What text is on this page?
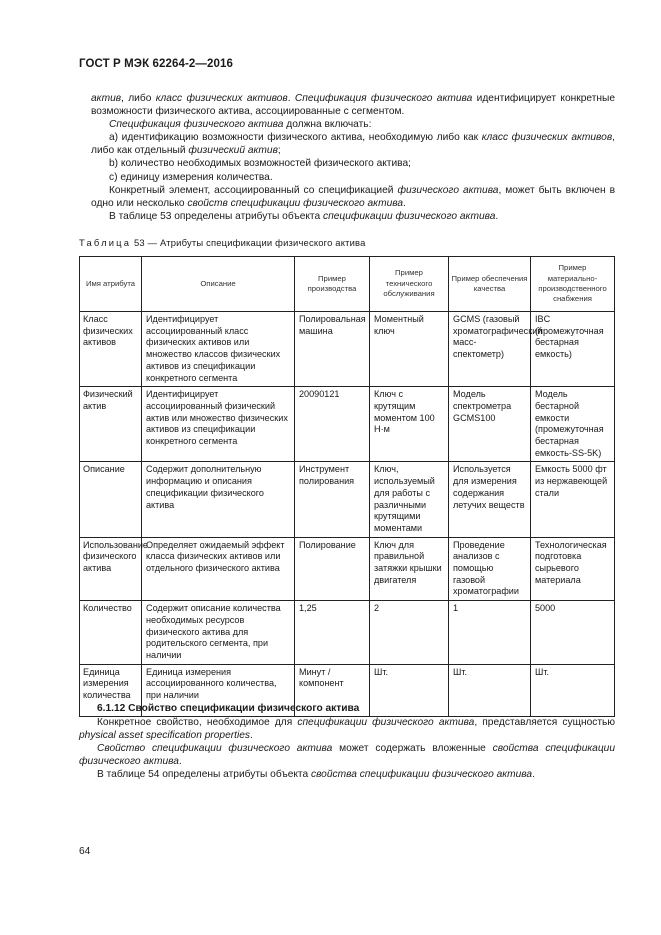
ГОСТ Р МЭК 62264-2—2016

актив, либо класс физических активов. Спецификация физического актива идентифицирует конкретные возможности физического актива, ассоциированные с сегментом.

Спецификация физического актива должна включать:

а) идентификацию возможности физического актива, необходимую либо как класс физических активов, либо как отдельный физический актив;

b) количество необходимых возможностей физического актива;

с) единицу измерения количества.

Конкретный элемент, ассоциированный со спецификацией физического актива, может быть включен в одно или несколько свойств спецификации физического актива.

В таблице 53 определены атрибуты объекта спецификации физического актива.

Таблица 53 — Атрибуты спецификации физического актива
Имя атрибута	Описание	Пример производства	Пример технического обслуживания	Пример обеспечения качества	Пример материально-производственного снабжения
Класс физических активов	Идентифицирует ассоциированный класс физических активов или множество классов физических активов из спецификации конкретного сегмента	Полировальная машина	Моментный ключ	GCMS (газовый хроматографический масс-спектометр)	IBC (промежуточная бестарная емкость)
Физический актив	Идентифицирует ассоциированный физический актив или множество физических активов из спецификации конкретного сегмента	20090121	Ключ с крутящим моментом 100 Н·м	Модель спектрометра GCMS100	Модель бестарной емкости (промежуточная бестарная емкость-SS-5K)
Описание	Содержит дополнительную информацию и описания спецификации физического актива	Инструмент полирования	Ключ, используемый для работы с различными крутящими моментами	Используется для измерения содержания летучих веществ	Емкость 5000 фт из нержавеющей стали
Использование физического актива	Определяет ожидаемый эффект класса физических активов или отдельного физического актива	Полирование	Ключ для правильной затяжки крышки двигателя	Проведение анализов с помощью газовой хроматографии	Технологическая подготовка сырьевого материала
Количество	Содержит описание количества необходимых ресурсов физического актива для родительского сегмента, при наличии	1,25	2	1	5000
Единица измерения количества	Единица измерения ассоциированного количества, при наличии	Минут / компонент	Шт.	Шт.	Шт.

6.1.12 Свойство спецификации физического актива

Конкретное свойство, необходимое для спецификации физического актива, представляется сущностью physical asset specification properties.

Свойство спецификации физического актива может содержать вложенные свойства спецификации физического актива.

В таблице 54 определены атрибуты объекта свойства спецификации физического актива.

64
